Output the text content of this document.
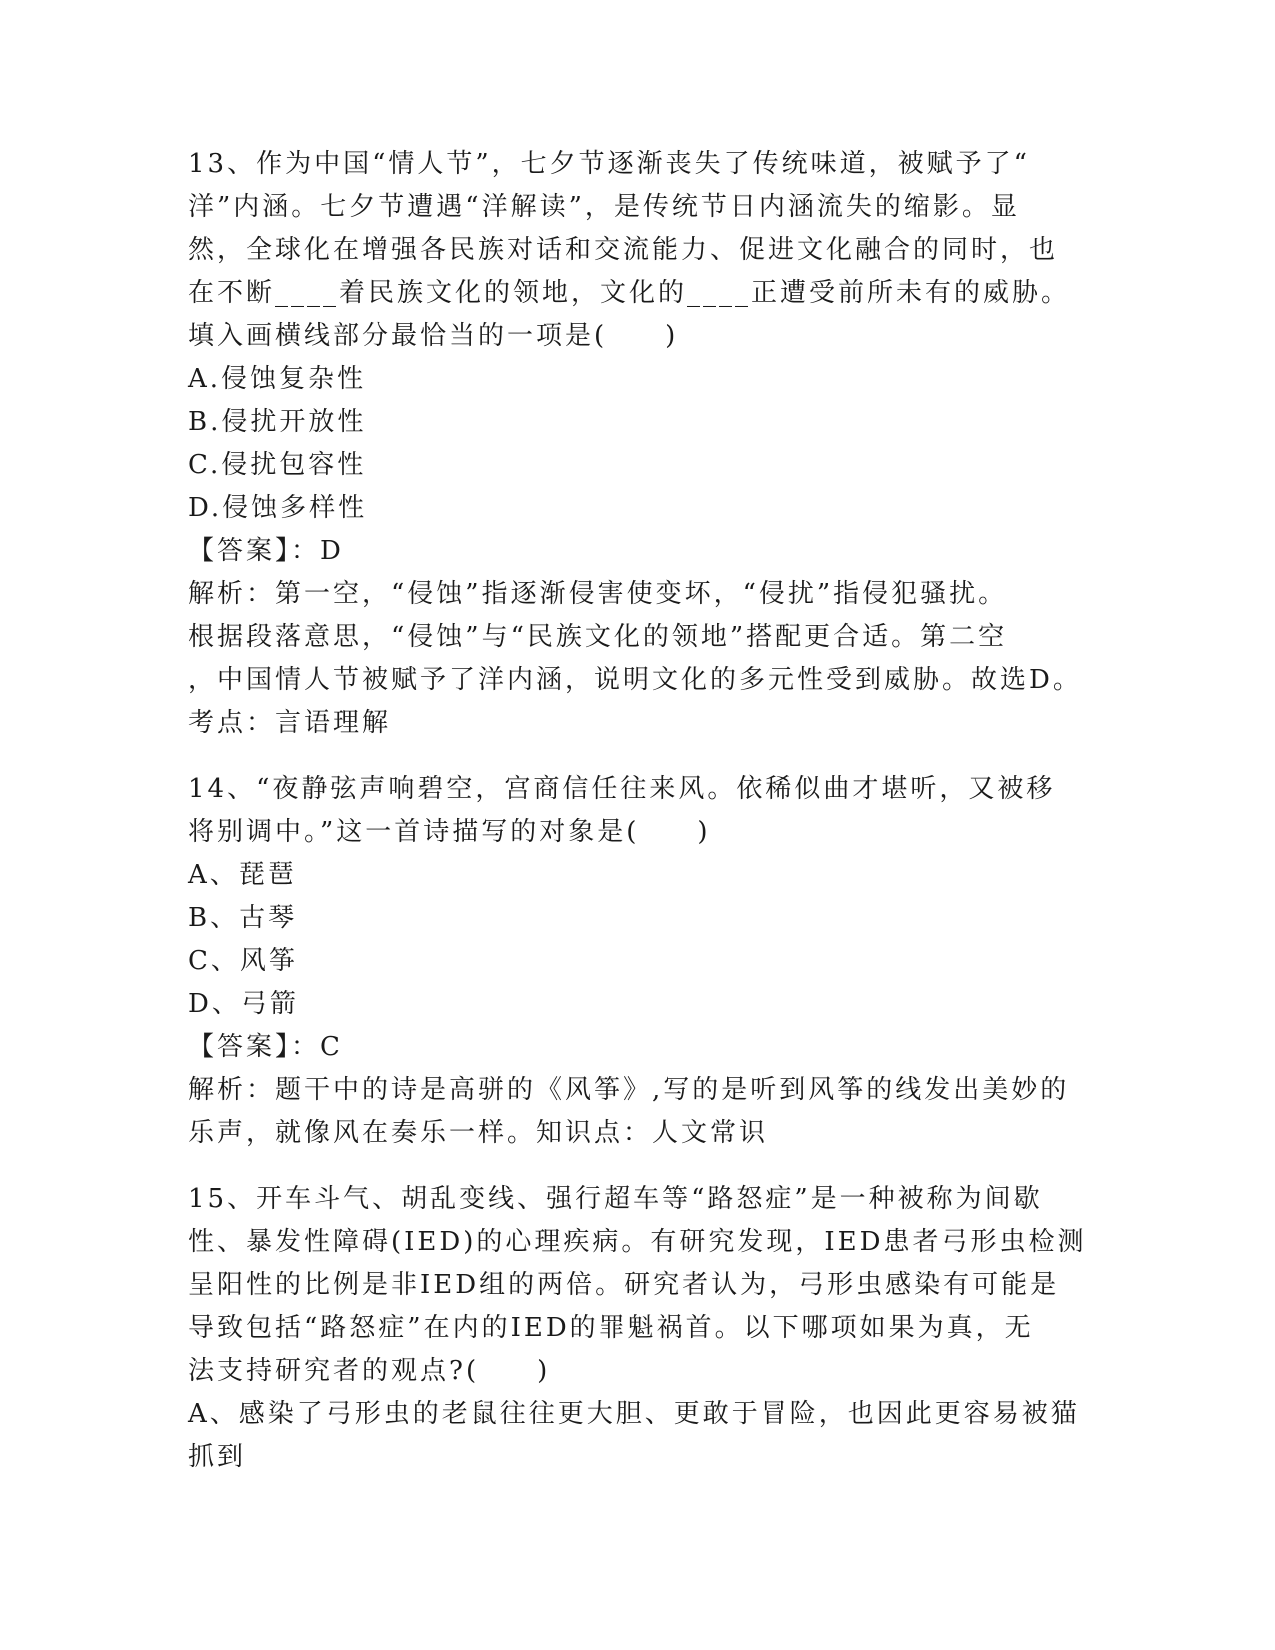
13、作为中国“情人节”，七夕节逐渐丧失了传统味道，被赋予了“
洋”内涵。七夕节遭遇“洋解读”，是传统节日内涵流失的缩影。显
然，全球化在增强各民族对话和交流能力、促进文化融合的同时，也
在不断____着民族文化的领地，文化的____正遭受前所未有的威胁。
填入画横线部分最恰当的一项是(　　)
A.侵蚀复杂性
B.侵扰开放性
C.侵扰包容性
D.侵蚀多样性
【答案】：D
解析：第一空，“侵蚀”指逐渐侵害使变坏，“侵扰”指侵犯骚扰。
根据段落意思，“侵蚀”与“民族文化的领地”搭配更合适。第二空
，中国情人节被赋予了洋内涵，说明文化的多元性受到威胁。故选D。
考点：言语理解
14、“夜静弦声响碧空，宫商信任往来风。依稀似曲才堪听，又被移
将别调中。”这一首诗描写的对象是(　　)
A、琵琶
B、古琴
C、风筝
D、弓箭
【答案】：C
解析：题干中的诗是高骈的《风筝》,写的是听到风筝的线发出美妙的
乐声，就像风在奏乐一样。知识点：人文常识
15、开车斗气、胡乱变线、强行超车等“路怒症”是一种被称为间歇
性、暴发性障碍(IED)的心理疾病。有研究发现，IED患者弓形虫检测
呈阳性的比例是非IED组的两倍。研究者认为，弓形虫感染有可能是
导致包括“路怒症”在内的IED的罪魁祸首。以下哪项如果为真，无
法支持研究者的观点?(　　)
A、感染了弓形虫的老鼠往往更大胆、更敢于冒险，也因此更容易被猫
抓到
